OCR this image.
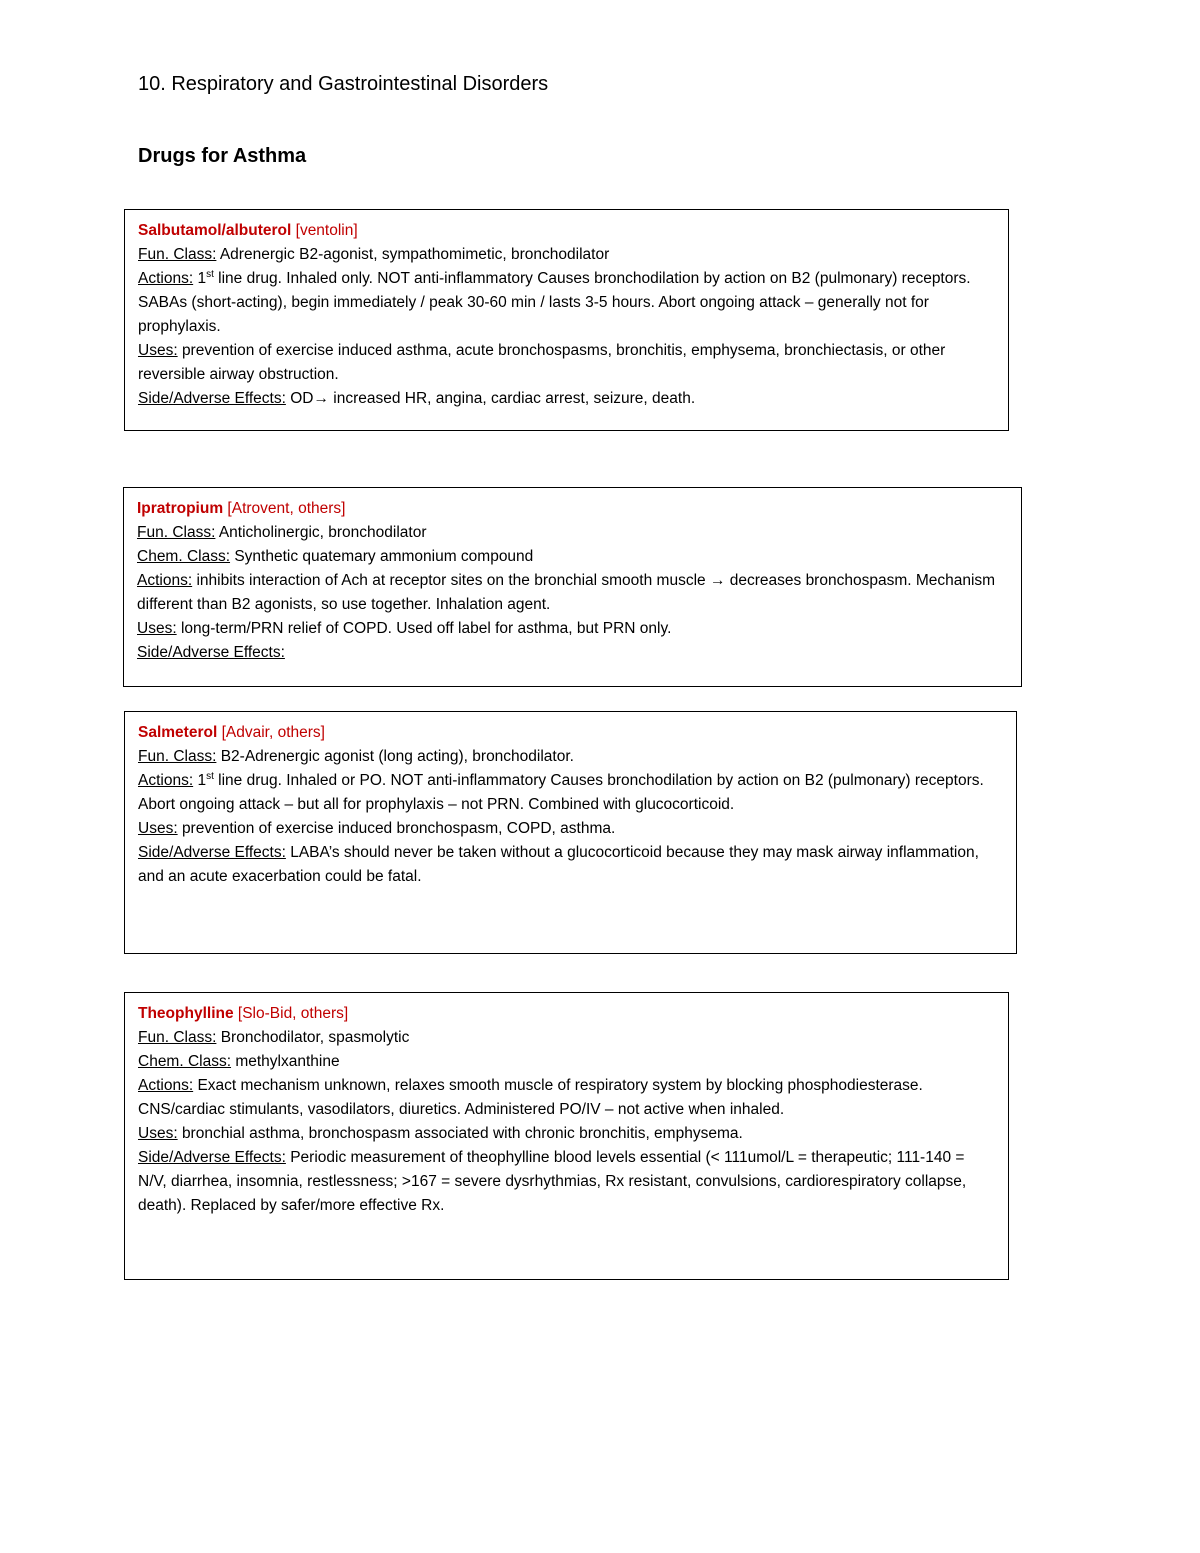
10. Respiratory and Gastrointestinal Disorders
Drugs for Asthma
Salbutamol/albuterol [ventolin]
Fun. Class: Adrenergic B2-agonist, sympathomimetic, bronchodilator
Actions: 1st line drug. Inhaled only. NOT anti-inflammatory Causes bronchodilation by action on B2 (pulmonary) receptors. SABAs (short-acting), begin immediately / peak 30-60 min / lasts 3-5 hours. Abort ongoing attack – generally not for prophylaxis.
Uses: prevention of exercise induced asthma, acute bronchospasms, bronchitis, emphysema, bronchiectasis, or other reversible airway obstruction.
Side/Adverse Effects: OD→ increased HR, angina, cardiac arrest, seizure, death.
Ipratropium [Atrovent, others]
Fun. Class: Anticholinergic, bronchodilator
Chem. Class: Synthetic quatemary ammonium compound
Actions: inhibits interaction of Ach at receptor sites on the bronchial smooth muscle → decreases bronchospasm. Mechanism different than B2 agonists, so use together. Inhalation agent.
Uses: long-term/PRN relief of COPD. Used off label for asthma, but PRN only.
Side/Adverse Effects:
Salmeterol [Advair, others]
Fun. Class: B2-Adrenergic agonist (long acting), bronchodilator.
Actions: 1st line drug. Inhaled or PO. NOT anti-inflammatory Causes bronchodilation by action on B2 (pulmonary) receptors. Abort ongoing attack – but all for prophylaxis – not PRN. Combined with glucocorticoid.
Uses: prevention of exercise induced bronchospasm, COPD, asthma.
Side/Adverse Effects: LABA’s should never be taken without a glucocorticoid because they may mask airway inflammation, and an acute exacerbation could be fatal.
Theophylline [Slo-Bid, others]
Fun. Class: Bronchodilator, spasmolytic
Chem. Class: methylxanthine
Actions: Exact mechanism unknown, relaxes smooth muscle of respiratory system by blocking phosphodiesterase. CNS/cardiac stimulants, vasodilators, diuretics. Administered PO/IV – not active when inhaled.
Uses: bronchial asthma, bronchospasm associated with chronic bronchitis, emphysema.
Side/Adverse Effects: Periodic measurement of theophylline blood levels essential (< 111umol/L = therapeutic; 111-140 = N/V, diarrhea, insomnia, restlessness; >167 = severe dysrhythmias, Rx resistant, convulsions, cardiorespiratory collapse, death). Replaced by safer/more effective Rx.
